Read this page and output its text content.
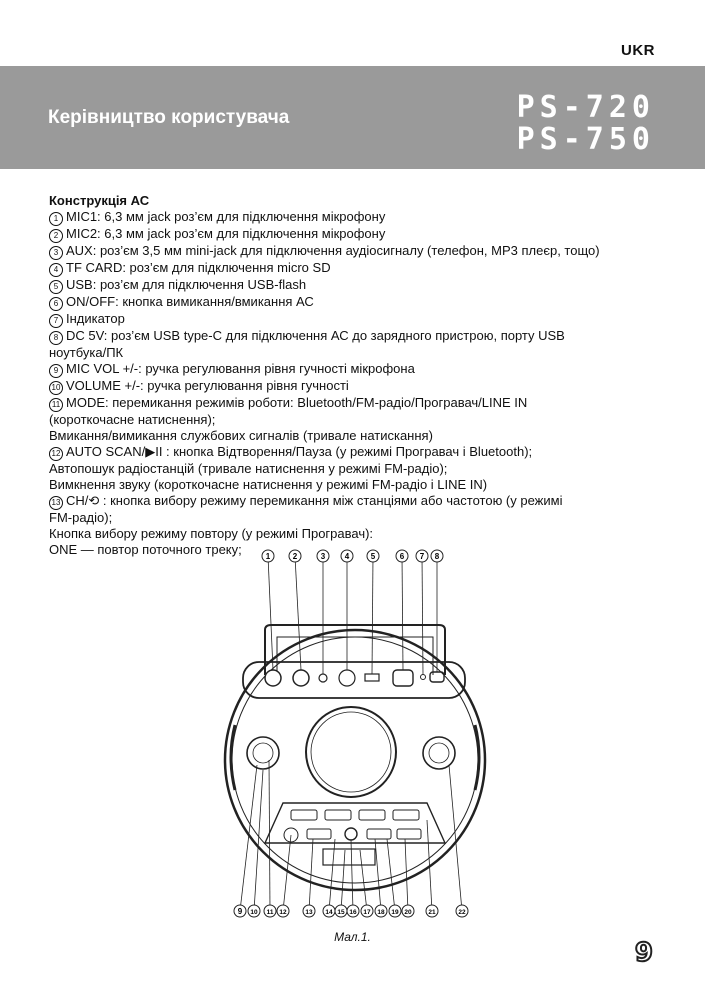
UKR
Керівництво користувача	PS-720
PS-750
Конструкція АС
1 MIC1: 6,3 мм jack роз’єм для підключення мікрофону
2 MIC2: 6,3 мм jack роз’єм для підключення мікрофону
3 AUX: роз’єм 3,5 мм mini-jack для підключення аудіосигналу (телефон, MP3 плеєр, тощо)
4 TF CARD: роз’єм для підключення micro SD
5 USB: роз’єм для підключення USB-flash
6 ON/OFF: кнопка вимикання/вмикання АС
7 Індикатор
8 DC 5V: роз’єм USB type-C для підключення АС до зарядного пристрою, порту USB
ноутбука/ПК
9 MIC VOL +/-: ручка регулювання рівня гучності мікрофона
10 VOLUME +/-: ручка регулювання рівня гучності
11 MODE: перемикання режимів роботи: Bluetooth/FM-радіо/Програвач/LINE IN
(короткочасне натиснення);
Вмикання/вимикання службових сигналів (тривале натискання)
12 AUTO SCAN/▶II : кнопка Відтворення/Пауза (у режимі Програвач і Bluetooth);
Автопошук радіостанцій (тривале натиснення у режимі FM-радіо);
Вимкнення звуку (короткочасне натиснення у режимі FM-радіо і LINE IN)
13 CH/⟲ : кнопка вибору режиму перемикання між станціями або частотою (у режимі
FM-радіо);
Кнопка вибору режиму повтору (у режимі Програвач):
ONE — повтор поточного треку;	1	2	3 4	5	6 7 8
9 10 11 12	13 14 15 16 17 18 19 20	21	22
Мал.1.
9
